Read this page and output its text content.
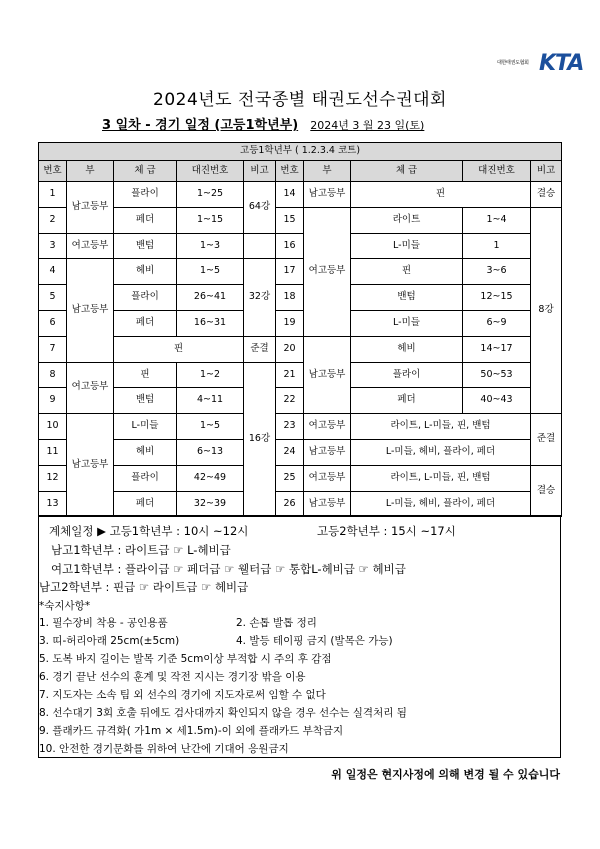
대한태권도협회 KTA
2024년도 전국종별 태권도선수권대회
3 일차 - 경기 일정 (고등1학년부) 2024년 3 월 23 일(토)
고등1학년부 ( 1.2.3.4 코트)									
번호	부	체 급	대진번호	비고	번호	부	체 급	대진번호	비고
1	남고등부	플라이	1~25	64강	14	남고등부	핀		결승
2		페더	1~15		15	여고등부	라이트	1~4	8강
3	여고등부	밴텀	1~3		16		L-미들	1	
4	남고등부	헤비	1~5	32강	17		핀	3~6	
5		플라이	26~41		18		밴텀	12~15	
6		페더	16~31		19		L-미들	6~9	
7		핀		준결	20	남고등부	헤비	14~17	
8	여고등부	핀	1~2	16강	21		플라이	50~53	
9		밴텀	4~11		22		페더	40~43	
10	남고등부	L-미들	1~5		23	여고등부	라이트, L-미들, 핀, 밴텀		준결
11		헤비	6~13		24	남고등부	L-미들, 헤비, 플라이, 페더		
12		플라이	42~49		25	여고등부	라이트, L-미들, 핀, 밴텀		결승
13		페더	32~39		26	남고등부	L-미들, 헤비, 플라이, 페더		
계체일정 ▶ 고등1학년부 : 10시 ~12시	고등2학년부 : 15시 ~17시
남고1학년부 : 라이트급 ☞ L-헤비급
여고1학년부 : 플라이급 ☞ 페더급 ☞ 웰터급 ☞ 통합L-헤비급 ☞ 헤비급
남고2학년부 : 핀급 ☞ 라이트급 ☞ 헤비급
*숙지사항*
1. 필수장비 착용 - 공인용품	2. 손톱 발톱 정리
3. 띠-허리아래 25cm(±5cm)	4. 발등 테이핑 금지 (발목은 가능)
5. 도복 바지 길이는 발목 기준 5cm이상 부적합 시 주의 후 감점
6. 경기 끝난 선수의 훈계 및 작전 지시는 경기장 밖을 이용
7. 지도자는 소속 팀 외 선수의 경기에 지도자로써 임할 수 없다
8. 선수대기 3회 호출 뒤에도 검사대까지 확인되지 않을 경우 선수는 실격처리 됨
9. 플래카드 규격화( 가1m × 세1.5m)-이 외에 플래카드 부착금지
10. 안전한 경기문화를 위하여 난간에 기대어 응원금지
위 일정은 현지사정에 의해 변경 될 수 있습니다
